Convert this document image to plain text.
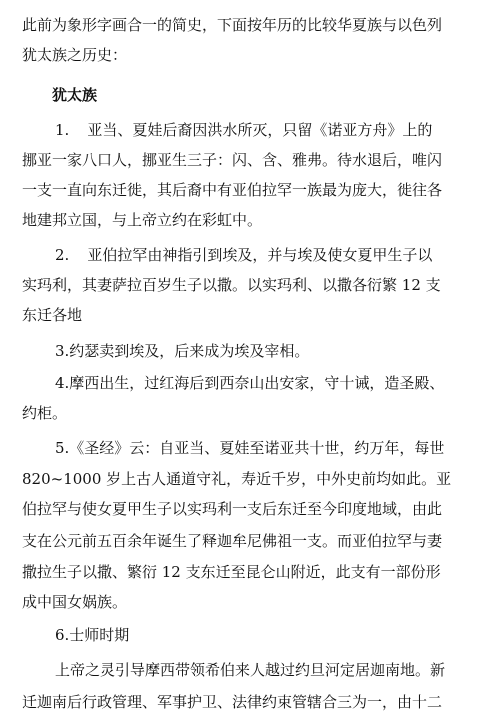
此前为象形字画合一的简史，下面按年历的比较华夏族与以色列
犹太族之历史：
犹太族
1. 亚当、夏娃后裔因洪水所灭，只留《诺亚方舟》上的
挪亚一家八口人，挪亚生三子：闪、含、雅弗。待水退后，唯闪
一支一直向东迁徙，其后裔中有亚伯拉罕一族最为庞大，徙往各
地建邦立国，与上帝立约在彩虹中。
2. 亚伯拉罕由神指引到埃及，并与埃及使女夏甲生子以
实玛利，其妻萨拉百岁生子以撒。以实玛利、以撒各衍繁 12 支
东迁各地
3.约瑟卖到埃及，后来成为埃及宰相。
4.摩西出生，过红海后到西奈山出安家，守十诫，造圣殿、
约柜。
5.《圣经》云：自亚当、夏娃至诺亚共十世，约万年，每世
820~1000 岁上古人通道守礼，寿近千岁，中外史前均如此。亚
伯拉罕与使女夏甲生子以实玛利一支后东迁至今印度地域，由此
支在公元前五百余年诞生了释迦牟尼佛祖一支。而亚伯拉罕与妻
撒拉生子以撒、繁衍 12 支东迁至昆仑山附近，此支有一部份形
成中国女娲族。
6.士师时期
上帝之灵引导摩西带领希伯来人越过约旦河定居迦南地。新
迁迦南后行政管理、军事护卫、法律约束管辖合三为一，由十二
